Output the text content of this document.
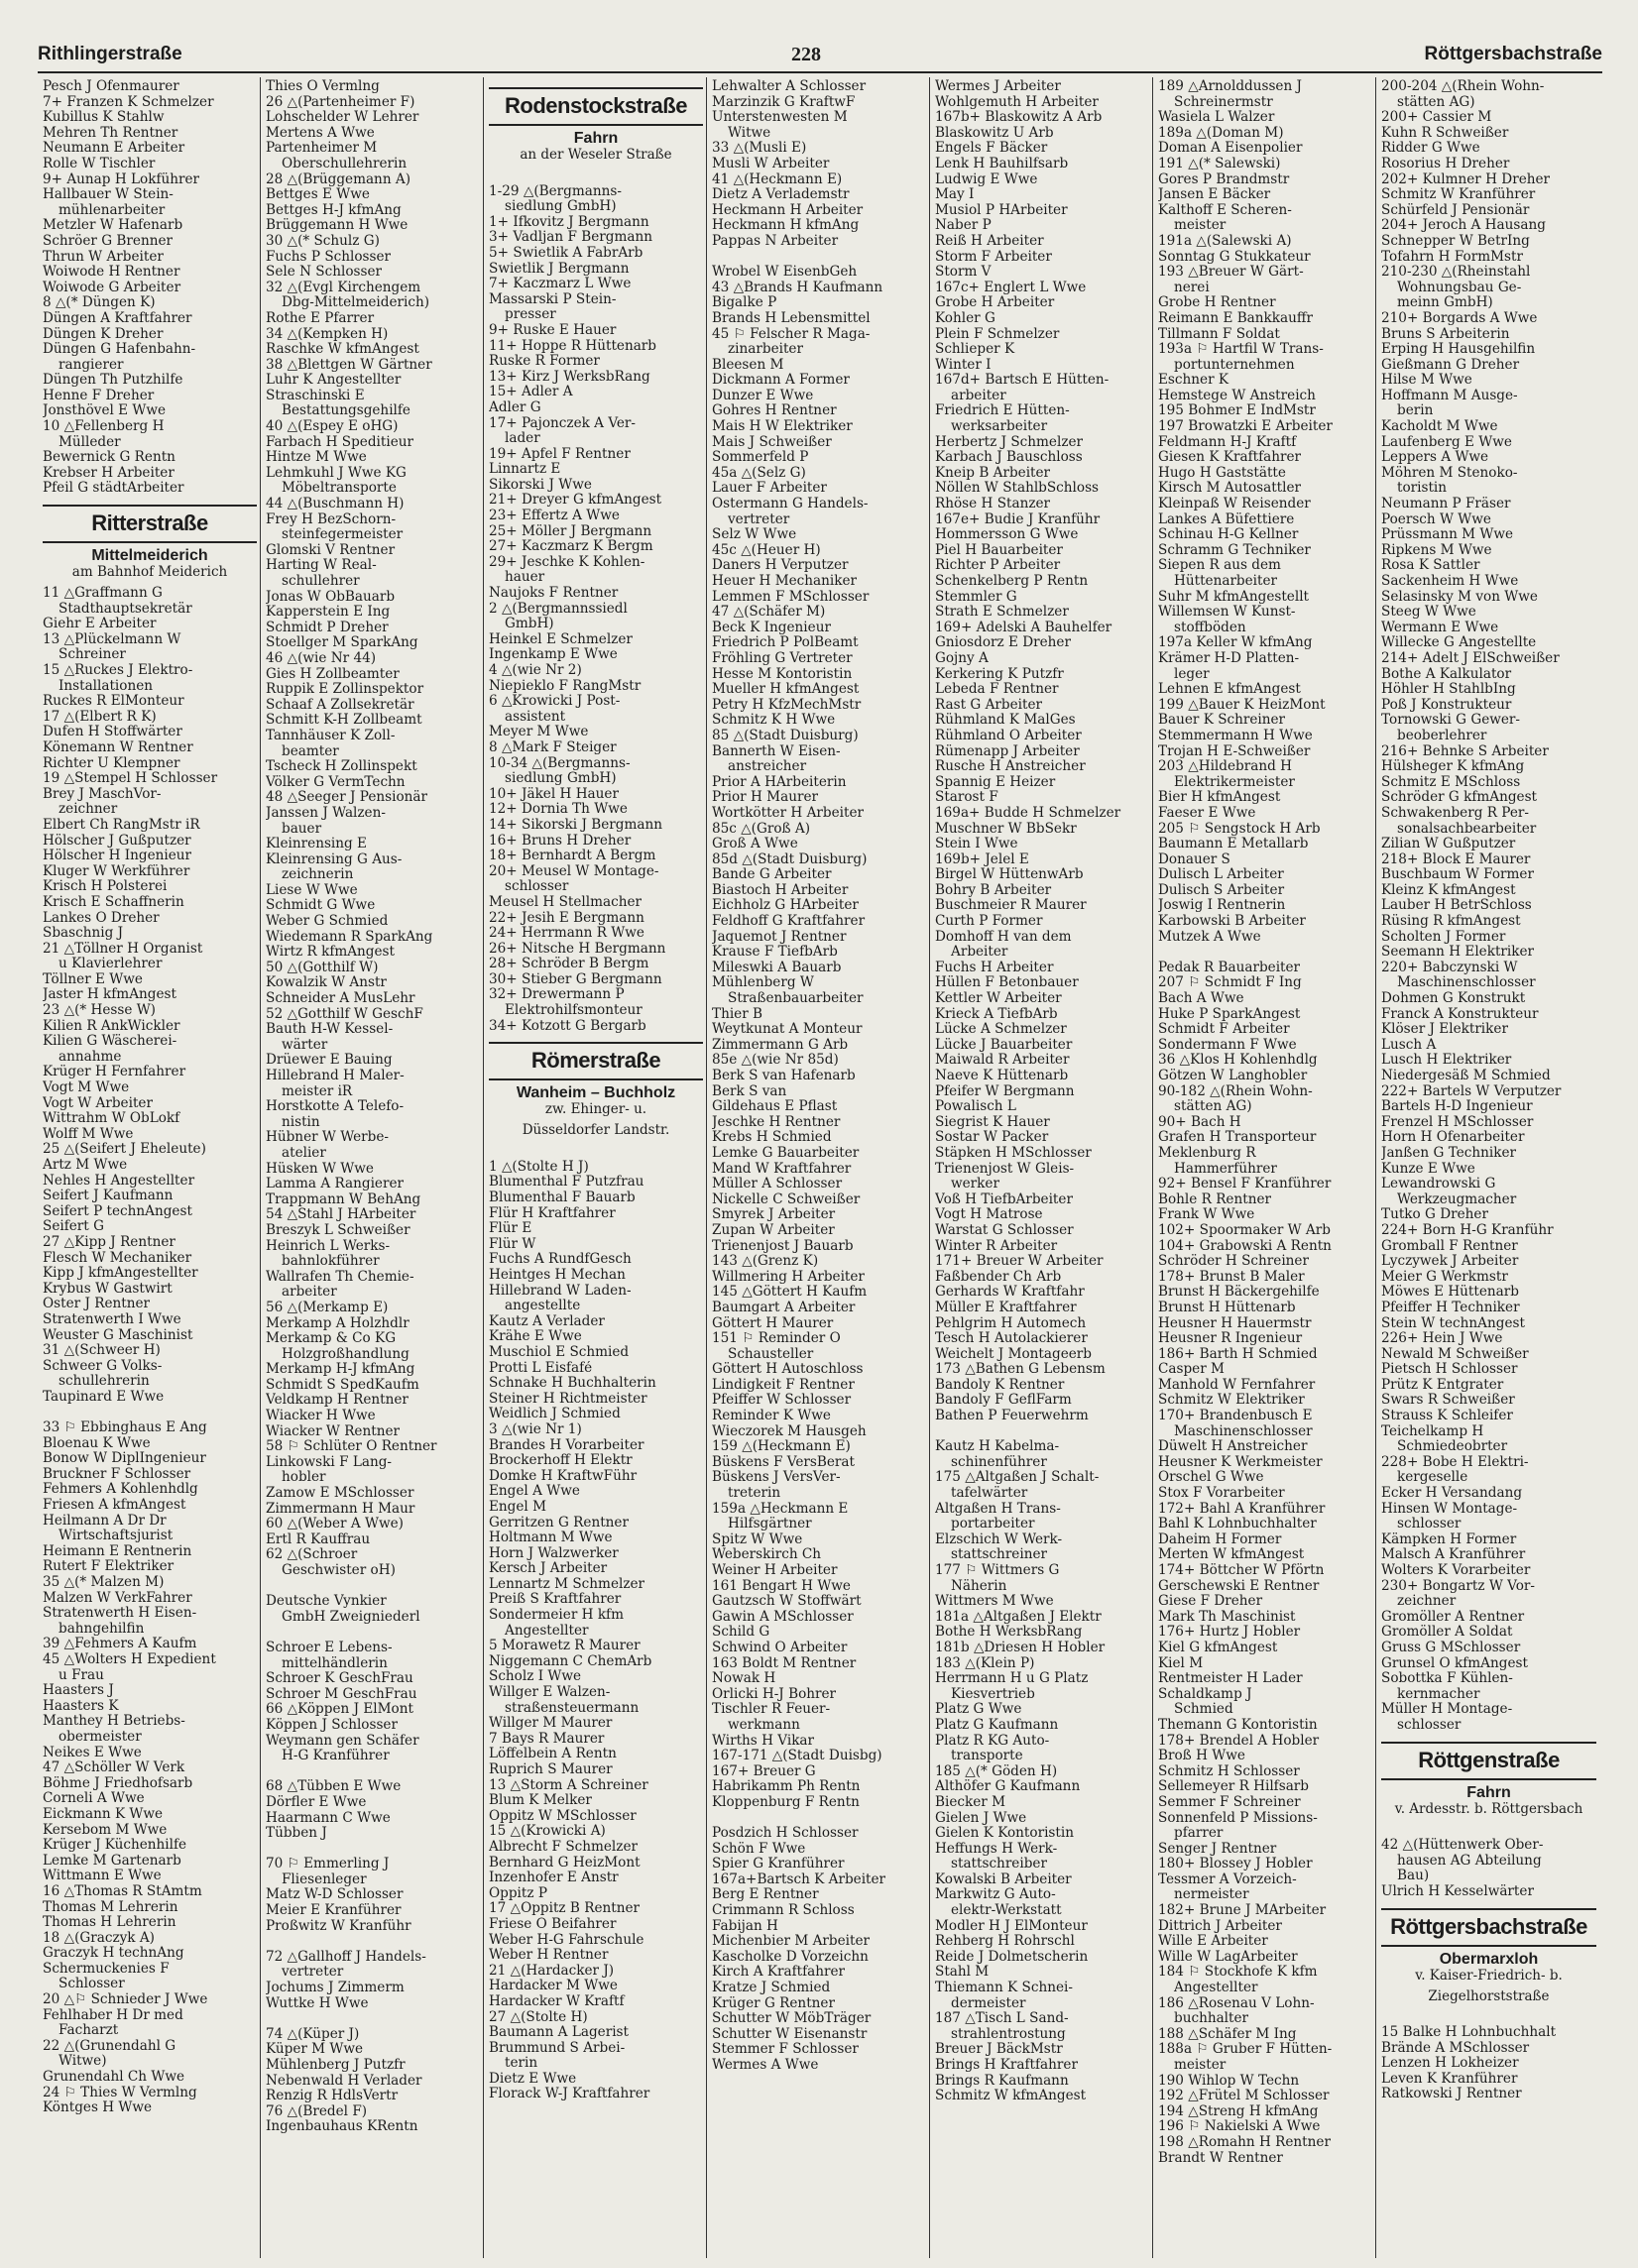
Rithlingerstraße	228	Röttgersbachstraße
Pesch J Ofenmaurer
7+ Franzen K Schmelzer
Kubillus K Stahlw
Mehren Th Rentner
Neumann E Arbeiter
Rolle W Tischler
9+ Aunap H Lokführer
Hallbauer W Stein-
mühlenarbeiter
Metzler W Hafenarb
Schröer G Brenner
Thrun W Arbeiter
Woiwode H Rentner
Woiwode G Arbeiter
8 △(* Düngen K)
Düngen A Kraftfahrer
Düngen K Dreher
Düngen G Hafenbahn-
rangierer
Düngen Th Putzhilfe
Henne F Dreher
Jonsthövel E Wwe
10 △Fellenberg H
Mülleder
Bewernick G Rentn
Krebser H Arbeiter
Pfeil G städtArbeiter
Ritterstraße
Mittelmeiderich
am Bahnhof Meiderich
11 △Graffmann G
Stadthauptsekretär
Giehr E Arbeiter
13 △Plückelmann W
Schreiner
15 △Ruckes J Elektro-
Installationen
Ruckes R ElMonteur
17 △(Elbert R K)
Dufen H Stoffwärter
Könemann W Rentner
Richter U Klempner
19 △Stempel H Schlosser
Brey J MaschVor-
zeichner
Elbert Ch RangMstr iR
Hölscher J Gußputzer
Hölscher H Ingenieur
Kluger W Werkführer
Krisch H Polsterei
Krisch E Schaffnerin
Lankes O Dreher
Sbaschnig J
21 △Töllner H Organist
u Klavierlehrer
Töllner E Wwe
Jaster H kfmAngest
23 △(* Hesse W)
Kilien R AnkWickler
Kilien G Wäscherei-
annahme
Krüger H Fernfahrer
Vogt M Wwe
Vogt W Arbeiter
Wittrahm W ObLokf
Wolff M Wwe
25 △(Seifert J Eheleute)
Artz M Wwe
Nehles H Angestellter
Seifert J Kaufmann
Seifert P technAngest
Seifert G
27 △Kipp J Rentner
Flesch W Mechaniker
Kipp J kfmAngestellter
Krybus W Gastwirt
Oster J Rentner
Stratenwerth I Wwe
Weuster G Maschinist
31 △(Schweer H)
Schweer G Volks-
schullehrerin
Taupinard E Wwe

33 ⚐ Ebbinghaus E Ang
Bloenau K Wwe
Bonow W DiplIngenieur
Bruckner F Schlosser
Fehmers A Kohlenhdlg
Friesen A kfmAngest
Heilmann A Dr Dr
Wirtschaftsjurist
Heimann E Rentnerin
Rutert F Elektriker
35 △(* Malzen M)
Malzen W VerkFahrer
Stratenwerth H Eisen-
bahngehilfin
39 △Fehmers A Kaufm
45 △Wolters H Expedient
u Frau
Haasters J
Haasters K
Manthey H Betriebs-
obermeister
Neikes E Wwe
47 △Schöller W Verk
Böhme J Friedhofsarb
Corneli A Wwe
Eickmann K Wwe
Kersebom M Wwe
Krüger J Küchenhilfe
Lemke M Gartenarb
Wittmann E Wwe
16 △Thomas R StAmtm
Thomas M Lehrerin
Thomas H Lehrerin
18 △(Graczyk A)
Graczyk H technAng
Schermuckenies F
Schlosser
20 △⚐ Schnieder J Wwe
Fehlhaber H Dr med
Facharzt
22 △(Grunendahl G
Witwe)
Grunendahl Ch Wwe
24 ⚐ Thies W Vermlng
Köntges H Wwe
Thies O Vermlng
26 △(Partenheimer F)
Lohschelder W Lehrer
Mertens A Wwe
Partenheimer M
Oberschullehrerin
28 △(Brüggemann A)
Bettges E Wwe
Bettges H-J kfmAng
Brüggemann H Wwe
30 △(* Schulz G)
Fuchs P Schlosser
Sele N Schlosser
32 △(Evgl Kirchengem
Dbg-Mittelmeiderich)
Rothe E Pfarrer
34 △(Kempken H)
Raschke W kfmAngest
38 △Blettgen W Gärtner
Luhr K Angestellter
Straschinski E
Bestattungsgehilfe
40 △(Espey E oHG)
Farbach H Speditieur
Hintze M Wwe
Lehmkuhl J Wwe KG
Möbeltransporte
44 △(Buschmann H)
Frey H BezSchorn-
steinfegermeister
Glomski V Rentner
Harting W Real-
schullehrer
Jonas W ObBauarb
Kapperstein E Ing
Schmidt P Dreher
Stoellger M SparkAng
46 △(wie Nr 44)
Gies H Zollbeamter
Ruppik E Zollinspektor
Schaaf A Zollsekretär
Schmitt K-H Zollbeamt
Tannhäuser K Zoll-
beamter
Tscheck H Zollinspekt
Völker G VermTechn
48 △Seeger J Pensionär
Janssen J Walzen-
bauer
Kleinrensing E
Kleinrensing G Aus-
zeichnerin
Liese W Wwe
Schmidt G Wwe
Weber G Schmied
Wiedemann R SparkAng
Wirtz R kfmAngest
50 △(Gotthilf W)
Kowalzik W Anstr
Schneider A MusLehr
52 △Gotthilf W GeschF
Bauth H-W Kessel-
wärter
Drüewer E Bauing
Hillebrand H Maler-
meister iR
Horstkotte A Telefo-
nistin
Hübner W Werbe-
atelier
Hüsken W Wwe
Lamma A Rangierer
Trappmann W BehAng
54 △Stahl J HArbeiter
Breszyk L Schweißer
Heinrich L Werks-
bahnlokführer
Wallrafen Th Chemie-
arbeiter
56 △(Merkamp E)
Merkamp A Holzhdlr
Merkamp & Co KG
Holzgroßhandlung
Merkamp H-J kfmAng
Schmidt S SpedKaufm
Veldkamp H Rentner
Wiacker H Wwe
Wiacker W Rentner
58 ⚐ Schlüter O Rentner
Linkowski F Lang-
hobler
Zamow E MSchlosser
Zimmermann H Maur
60 △(Weber A Wwe)
Ertl R Kauffrau
62 △(Schroer
Geschwister oH)

Deutsche Vynkier
GmbH Zweigniederl

Schroer E Lebens-
mittelhändlerin
Schroer K GeschFrau
Schroer M GeschFrau
66 △Köppen J ElMont
Köppen J Schlosser
Weymann gen Schäfer
H-G Kranführer

68 △Tübben E Wwe
Dörfler E Wwe
Haarmann C Wwe
Tübben J

70 ⚐ Emmerling J
Fliesenleger
Matz W-D Schlosser
Meier E Kranführer
Proßwitz W Kranführ

72 △Gallhoff J Handels-
vertreter
Jochums J Zimmerm
Wuttke H Wwe

74 △(Küper J)
Küper M Wwe
Mühlenberg J Putzfr
Nebenwald H Verlader
Renzig R HdlsVertr
76 △(Bredel F)
Ingenbauhaus KRentn
Rodenstockstraße
Fahrn
an der Weseler Straße

1-29 △(Bergmanns-
siedlung GmbH)
1+ Ifkovitz J Bergmann
3+ Vadljan F Bergmann
5+ Swietlik A FabrArb
Swietlik J Bergmann
7+ Kaczmarz L Wwe
Massarski P Stein-
presser
9+ Ruske E Hauer
11+ Hoppe R Hüttenarb
Ruske R Former
13+ Kirz J WerksbRang
15+ Adler A
Adler G
17+ Pajonczek A Ver-
lader
19+ Apfel F Rentner
Linnartz E
Sikorski J Wwe
21+ Dreyer G kfmAngest
23+ Effertz A Wwe
25+ Möller J Bergmann
27+ Kaczmarz K Bergm
29+ Jeschke K Kohlen-
hauer
Naujoks F Rentner
2 △(Bergmannssiedl
GmbH)
Heinkel E Schmelzer
Ingenkamp E Wwe
4 △(wie Nr 2)
Niepieklo F RangMstr
6 △Krowicki J Post-
assistent
Meyer M Wwe
8 △Mark F Steiger
10-34 △(Bergmanns-
siedlung GmbH)
10+ Jäkel H Hauer
12+ Dornia Th Wwe
14+ Sikorski J Bergmann
16+ Bruns H Dreher
18+ Bernhardt A Bergm
20+ Meusel W Montage-
schlosser
Meusel H Stellmacher
22+ Jesih E Bergmann
24+ Herrmann R Wwe
26+ Nitsche H Bergmann
28+ Schröder B Bergm
30+ Stieber G Bergmann
32+ Drewermann P
Elektrohilfsmonteur
34+ Kotzott G Bergarb
Römerstraße
Wanheim – Buchholz
zw. Ehinger- u.
Düsseldorfer Landstr.

1 △(Stolte H J)
Blumenthal F Putzfrau
Blumenthal F Bauarb
Flür H Kraftfahrer
Flür E
Flür W
Fuchs A RundfGesch
Heintges H Mechan
Hillebrand W Laden-
angestellte
Kautz A Verlader
Krähe E Wwe
Muschiol E Schmied
Protti L Eisfafé
Schnake H Buchhalterin
Steiner H Richtmeister
Weidlich J Schmied
3 △(wie Nr 1)
Brandes H Vorarbeiter
Brockerhoff H Elektr
Domke H KraftwFühr
Engel A Wwe
Engel M
Gerritzen G Rentner
Holtmann M Wwe
Horn J Walzwerker
Kersch J Arbeiter
Lennartz M Schmelzer
Preiß S Kraftfahrer
Sondermeier H kfm
Angestellter
5 Morawetz R Maurer
Niggemann C ChemArb
Scholz I Wwe
Willger E Walzen-
straßensteuermann
Willger M Maurer
7 Bays R Maurer
Löffelbein A Rentn
Ruprich S Maurer
13 △Storm A Schreiner
Blum K Melker
Oppitz W MSchlosser
15 △(Krowicki A)
Albrecht F Schmelzer
Bernhard G HeizMont
Inzenhofer E Anstr
Oppitz P
17 △Oppitz B Rentner
Friese O Beifahrer
Weber H-G Fahrschule
Weber H Rentner
21 △(Hardacker J)
Hardacker M Wwe
Hardacker W Kraftf
27 △(Stolte H)
Baumann A Lagerist
Brummund S Arbei-
terin
Dietz E Wwe
Florack W-J Kraftfahrer
Lehwalter A Schlosser
Marzinzik G KraftwF
Unterstenwesten M
Witwe
33 △(Musli E)
Musli W Arbeiter
41 △(Heckmann E)
Dietz A Verlademstr
Heckmann H Arbeiter
Heckmann H kfmAng
Pappas N Arbeiter

Wrobel W EisenbGeh
43 △Brands H Kaufmann
Bigalke P
Brands H Lebensmittel
45 ⚐ Felscher R Maga-
zinarbeiter
Bleesen M
Dickmann A Former
Dunzer E Wwe
Gohres H Rentner
Mais H W Elektriker
Mais J Schweißer
Sommerfeld P
45a △(Selz G)
Lauer F Arbeiter
Ostermann G Handels-
vertreter
Selz W Wwe
45c △(Heuer H)
Daners H Verputzer
Heuer H Mechaniker
Lemmen F MSchlosser
47 △(Schäfer M)
Beck K Ingenieur
Friedrich P PolBeamt
Fröhling G Vertreter
Hesse M Kontoristin
Mueller H kfmAngest
Petry H KfzMechMstr
Schmitz K H Wwe
85 △(Stadt Duisburg)
Bannerth W Eisen-
anstreicher
Prior A HArbeiterin
Prior H Maurer
Wortkötter H Arbeiter
85c △(Groß A)
Groß A Wwe
85d △(Stadt Duisburg)
Bande G Arbeiter
Biastoch H Arbeiter
Eichholz G HArbeiter
Feldhoff G Kraftfahrer
Jaquemot J Rentner
Krause F TiefbArb
Mileswki A Bauarb
Mühlenberg W
Straßenbauarbeiter
Thier B
Weytkunat A Monteur
Zimmermann G Arb
85e △(wie Nr 85d)
Berk S van Hafenarb
Berk S van
Gildehaus E Pflast
Jeschke H Rentner
Krebs H Schmied
Lemke G Bauarbeiter
Mand W Kraftfahrer
Müller A Schlosser
Nickelle C Schweißer
Smyrek J Arbeiter
Zupan W Arbeiter
Trienenjost J Bauarb
143 △(Grenz K)
Willmering H Arbeiter
145 △Göttert H Kaufm
Baumgart A Arbeiter
Göttert H Maurer
151 ⚐ Reminder O
Schausteller
Göttert H Autoschloss
Lindigkeit F Rentner
Pfeiffer W Schlosser
Reminder K Wwe
Wieczorek M Hausgeh
159 △(Heckmann E)
Büskens F VersBerat
Büskens J VersVer-
treterin
159a △Heckmann E
Hilfsgärtner
Spitz W Wwe
Weberskirch Ch
Weiner H Arbeiter
161 Bengart H Wwe
Gautzsch W Stoffwärt
Gawin A MSchlosser
Schild G
Schwind O Arbeiter
163 Boldt M Rentner
Nowak H
Orlicki H-J Bohrer
Tischler R Feuer-
werkmann
Wirths H Vikar
167-171 △(Stadt Duisbg)
167+ Breuer G
Habrikamm Ph Rentn
Kloppenburg F Rentn

Posdzich H Schlosser
Schön F Wwe
Spier G Kranführer
167a+Bartsch K Arbeiter
Berg E Rentner
Crimmann R Schloss
Fabijan H
Michenbier M Arbeiter
Kascholke D Vorzeichn
Kirch A Kraftfahrer
Kratze J Schmied
Krüger G Rentner
Schutter W MöbTräger
Schutter W Eisenanstr
Stemmer F Schlosser
Wermes A Wwe
Wermes J Arbeiter
Wohlgemuth H Arbeiter
167b+ Blaskowitz A Arb
Blaskowitz U Arb
Engels F Bäcker
Lenk H Bauhilfsarb
Ludwig E Wwe
May I
Musiol P HArbeiter
Naber P
Reiß H Arbeiter
Storm F Arbeiter
Storm V
167c+ Englert L Wwe
Grobe H Arbeiter
Kohler G
Plein F Schmelzer
Schlieper K
Winter I
167d+ Bartsch E Hütten-
arbeiter
Friedrich E Hütten-
werksarbeiter
Herbertz J Schmelzer
Karbach J Bauschloss
Kneip B Arbeiter
Nöllen W StahlbSchloss
Rhöse H Stanzer
167e+ Budie J Kranführ
Hommersson G Wwe
Piel H Bauarbeiter
Richter P Arbeiter
Schenkelberg P Rentn
Stemmler G
Strath E Schmelzer
169+ Adelski A Bauhelfer
Gniosdorz E Dreher
Gojny A
Kerkering K Putzfr
Lebeda F Rentner
Rast G Arbeiter
Rühmland K MalGes
Rühmland O Arbeiter
Rümenapp J Arbeiter
Rusche H Anstreicher
Spannig E Heizer
Starost F
169a+ Budde H Schmelzer
Muschner W BbSekr
Stein I Wwe
169b+ Jelel E
Birgel W HüttenwArb
Bohry B Arbeiter
Buschmeier R Maurer
Curth P Former
Domhoff H van dem
Arbeiter
Fuchs H Arbeiter
Hüllen F Betonbauer
Kettler W Arbeiter
Krieck A TiefbArb
Lücke A Schmelzer
Lücke J Bauarbeiter
Maiwald R Arbeiter
Naeve K Hüttenarb
Pfeifer W Bergmann
Powalisch L
Siegrist K Hauer
Sostar W Packer
Stäpken H MSchlosser
Trienenjost W Gleis-
werker
Voß H TiefbArbeiter
Vogt H Matrose
Warstat G Schlosser
Winter R Arbeiter
171+ Breuer W Arbeiter
Faßbender Ch Arb
Gerhards W Kraftfahr
Müller E Kraftfahrer
Pehlgrim H Automech
Tesch H Autolackierer
Weichelt J Montageerb
173 △Bathen G Lebensm
Bandoly K Rentner
Bandoly F GeflFarm
Bathen P Feuerwehrm

Kautz H Kabelma-
schinenführer
175 △Altgaßen J Schalt-
tafelwärter
Altgaßen H Trans-
portarbeiter
Elzschich W Werk-
stattschreiner
177 ⚐ Wittmers G
Näherin
Wittmers M Wwe
181a △Altgaßen J Elektr
Bothe H WerksbRang
181b △Driesen H Hobler
183 △(Klein P)
Herrmann H u G Platz
Kiesvertrieb
Platz G Wwe
Platz G Kaufmann
Platz R KG Auto-
transporte
185 △(* Göden H)
Althöfer G Kaufmann
Biecker M
Gielen J Wwe
Gielen K Kontoristin
Heffungs H Werk-
stattschreiber
Kowalski B Arbeiter
Markwitz G Auto-
elektr-Werkstatt
Modler H J ElMonteur
Rehberg H Rohrschl
Reide J Dolmetscherin
Stahl M
Thiemann K Schnei-
dermeister
187 △Tisch L Sand-
strahlentrostung
Breuer J BäckMstr
Brings H Kraftfahrer
Brings R Kaufmann
Schmitz W kfmAngest
189 △Arnolddussen J
Schreinermstr
Wasiela L Walzer
189a △(Doman M)
Doman A Eisenpolier
191 △(* Salewski)
Gores P Brandmstr
Jansen E Bäcker
Kalthoff E Scheren-
meister
191a △(Salewski A)
Sonntag G Stukkateur
193 △Breuer W Gärt-
nerei
Grobe H Rentner
Reimann E Bankkauffr
Tillmann F Soldat
193a ⚐ Hartfil W Trans-
portunternehmen
Eschner K
Hemstege W Anstreich
195 Bohmer E IndMstr
197 Browatzki E Arbeiter
Feldmann H-J Kraftf
Giesen K Kraftfahrer
Hugo H Gaststätte
Kirsch M Autosattler
Kleinpaß W Reisender
Lankes A Büfettiere
Schinau H-G Kellner
Schramm G Techniker
Siepen R aus dem
Hüttenarbeiter
Suhr M kfmAngestellt
Willemsen W Kunst-
stoffböden
197a Keller W kfmAng
Krämer H-D Platten-
leger
Lehnen E kfmAngest
199 △Bauer K HeizMont
Bauer K Schreiner
Stemmermann H Wwe
Trojan H E-Schweißer
203 △Hildebrand H
Elektrikermeister
Bier H kfmAngest
Faeser E Wwe
205 ⚐ Sengstock H Arb
Baumann E Metallarb
Donauer S
Dulisch L Arbeiter
Dulisch S Arbeiter
Joswig I Rentnerin
Karbowski B Arbeiter
Mutzek A Wwe

Pedak R Bauarbeiter
207 ⚐ Schmidt F Ing
Bach A Wwe
Huke P SparkAngest
Schmidt F Arbeiter
Sondermann F Wwe
36 △Klos H Kohlenhdlg
Götzen W Langhobler
90-182 △(Rhein Wohn-
stätten AG)
90+ Bach H
Grafen H Transporteur
Meklenburg R
Hammerführer
92+ Bensel F Kranführer
Bohle R Rentner
Frank W Wwe
102+ Spoormaker W Arb
104+ Grabowski A Rentn
Schröder H Schreiner
178+ Brunst B Maler
Brunst H Bäckergehilfe
Brunst H Hüttenarb
Heusner H Hauermstr
Heusner R Ingenieur
186+ Barth H Schmied
Casper M
Manhold W Fernfahrer
Schmitz W Elektriker
170+ Brandenbusch E
Maschinenschlosser
Düwelt H Anstreicher
Heusner K Werkmeister
Orschel G Wwe
Stox F Vorarbeiter
172+ Bahl A Kranführer
Bahl K Lohnbuchhalter
Daheim H Former
Merten W kfmAngest
174+ Böttcher W Pförtn
Gerschewski E Rentner
Giese F Dreher
Mark Th Maschinist
176+ Hurtz J Hobler
Kiel G kfmAngest
Kiel M
Rentmeister H Lader
Schaldkamp J
Schmied
Themann G Kontoristin
178+ Brendel A Hobler
Broß H Wwe
Schmitz H Schlosser
Sellemeyer R Hilfsarb
Semmer F Schreiner
Sonnenfeld P Missions-
pfarrer
Senger J Rentner
180+ Blossey J Hobler
Tessmer A Vorzeich-
nermeister
182+ Brune J MArbeiter
Dittrich J Arbeiter
Wille E Arbeiter
Wille W LagArbeiter
184 ⚐ Stockhofe K kfm
Angestellter
186 △Rosenau V Lohn-
buchhalter
188 △Schäfer M Ing
188a ⚐ Gruber F Hütten-
meister
190 Wihlop W Techn
192 △Frütel M Schlosser
194 △Streng H kfmAng
196 ⚐ Nakielski A Wwe
198 △Romahn H Rentner
Brandt W Rentner
200-204 △(Rhein Wohn-
stätten AG)
200+ Cassier M
Kuhn R Schweißer
Ridder G Wwe
Rosorius H Dreher
202+ Kulmner H Dreher
Schmitz W Kranführer
Schürfeld J Pensionär
204+ Jeroch A Hausang
Schnepper W BetrIng
Tofahrn H FormMstr
210-230 △(Rheinstahl
Wohnungsbau Ge-
meinn GmbH)
210+ Borgards A Wwe
Bruns S Arbeiterin
Erping H Hausgehilfin
Gießmann G Dreher
Hilse M Wwe
Hoffmann M Ausge-
berin
Kacholdt M Wwe
Laufenberg E Wwe
Leppers A Wwe
Möhren M Stenoko-
toristin
Neumann P Fräser
Poersch W Wwe
Prüssmann M Wwe
Ripkens M Wwe
Rosa K Sattler
Sackenheim H Wwe
Selasinsky M von Wwe
Steeg W Wwe
Wermann E Wwe
Willecke G Angestellte
214+ Adelt J ElSchweißer
Bothe A Kalkulator
Höhler H StahlbIng
Poß J Konstrukteur
Tornowski G Gewer-
beoberlehrer
216+ Behnke S Arbeiter
Hülsheger K kfmAng
Schmitz E MSchloss
Schröder G kfmAngest
Schwakenberg R Per-
sonalsachbearbeiter
Zilian W Gußputzer
218+ Block E Maurer
Buschbaum W Former
Kleinz K kfmAngest
Lauber H BetrSchloss
Rüsing R kfmAngest
Scholten J Former
Seemann H Elektriker
220+ Babczynski W
Maschinenschlosser
Dohmen G Konstrukt
Franck A Konstrukteur
Klöser J Elektriker
Lusch A
Lusch H Elektriker
Niedergesäß M Schmied
222+ Bartels W Verputzer
Bartels H-D Ingenieur
Frenzel H MSchlosser
Horn H Ofenarbeiter
Janßen G Techniker
Kunze E Wwe
Lewandrowski G
Werkzeugmacher
Tutko G Dreher
224+ Born H-G Kranführ
Gromball F Rentner
Lyczywek J Arbeiter
Meier G Werkmstr
Möwes E Hüttenarb
Pfeiffer H Techniker
Stein W technAngest
226+ Hein J Wwe
Newald M Schweißer
Pietsch H Schlosser
Prütz K Entgrater
Swars R Schweißer
Strauss K Schleifer
Teichelkamp H
Schmiedeobrter
228+ Bobe H Elektri-
kergeselle
Ecker H Versandang
Hinsen W Montage-
schlosser
Kämpken H Former
Malsch A Kranführer
Wolters K Vorarbeiter
230+ Bongartz W Vor-
zeichner
Gromöller A Rentner
Gromöller A Soldat
Gruss G MSchlosser
Grunsel O kfmAngest
Sobottka F Kühlen-
kernmacher
Müller H Montage-
schlosser
Röttgenstraße
Fahrn
v. Ardesstr. b. Röttgersbach

42 △(Hüttenwerk Ober-
hausen AG Abteilung
Bau)
Ulrich H Kesselwärter
Röttgersbachstraße
Obermarxloh
v. Kaiser-Friedrich- b.
Ziegelhorststraße

15 Balke H Lohnbuchhalt
Brände A MSchlosser
Lenzen H Lokheizer
Leven K Kranführer
Ratkowski J Rentner
